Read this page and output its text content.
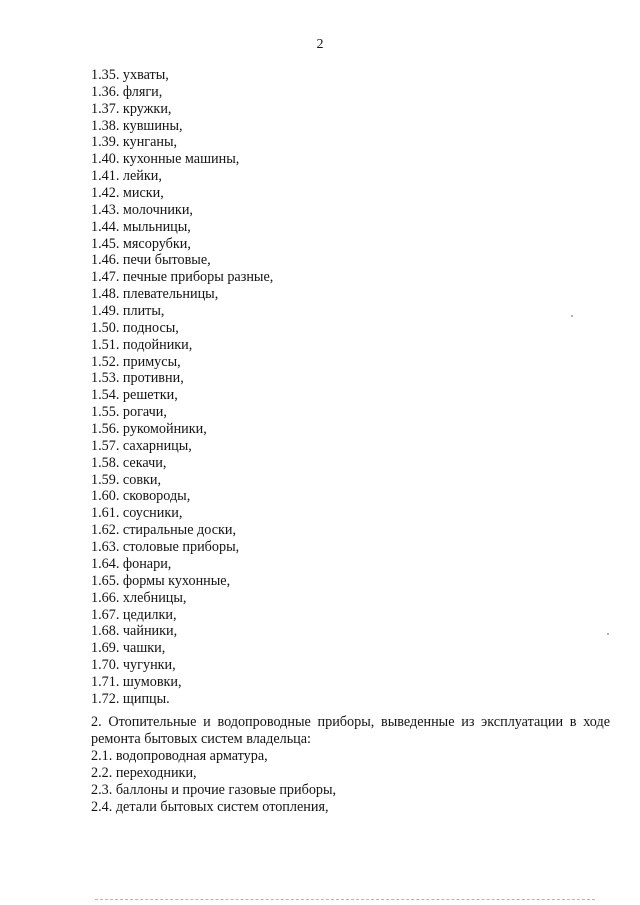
2
1.35. ухваты,
1.36. фляги,
1.37. кружки,
1.38. кувшины,
1.39. кунганы,
1.40. кухонные машины,
1.41. лейки,
1.42. миски,
1.43. молочники,
1.44. мыльницы,
1.45. мясорубки,
1.46. печи бытовые,
1.47. печные приборы разные,
1.48. плевательницы,
1.49. плиты,
1.50. подносы,
1.51. подойники,
1.52. примусы,
1.53. противни,
1.54. решетки,
1.55. рогачи,
1.56. рукомойники,
1.57. сахарницы,
1.58. секачи,
1.59. совки,
1.60. сковороды,
1.61. соусники,
1.62. стиральные доски,
1.63. столовые приборы,
1.64. фонари,
1.65. формы кухонные,
1.66. хлебницы,
1.67. цедилки,
1.68. чайники,
1.69. чашки,
1.70. чугунки,
1.71. шумовки,
1.72. щипцы.

2. Отопительные и водопроводные приборы, выведенные из эксплуатации в ходе ремонта бытовых систем владельца:

2.1. водопроводная арматура,
2.2. переходники,
2.3. баллоны и прочие газовые приборы,
2.4. детали бытовых систем отопления,
